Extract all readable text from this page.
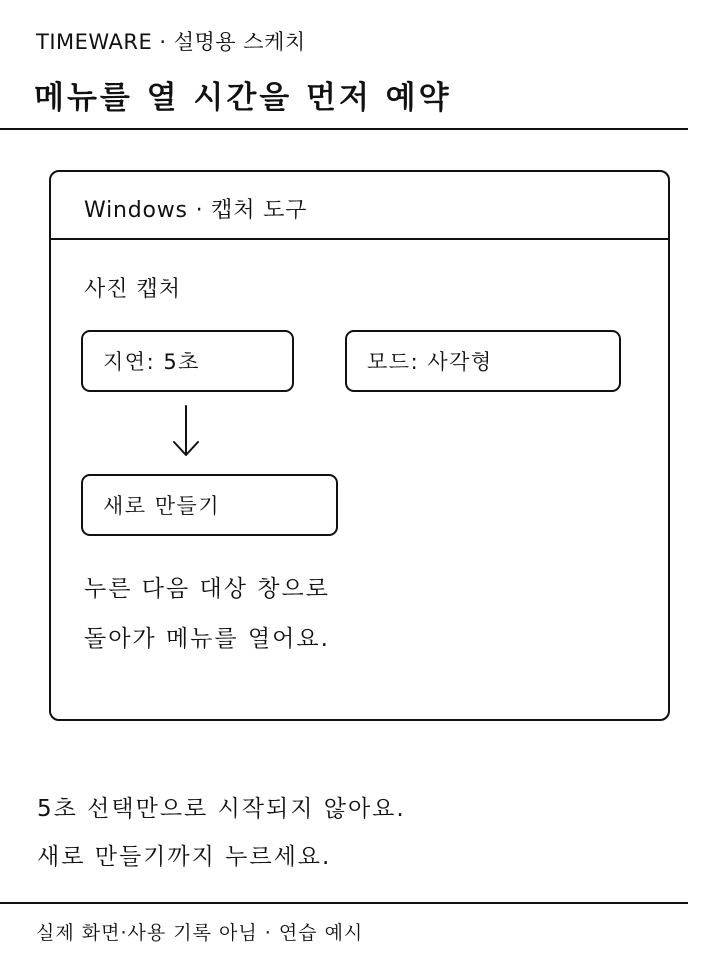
TIMEWARE · 설명용 스케치
메뉴를 열 시간을 먼저 예약
Windows · 캡처 도구
사진 캡처
지연: 5초	모드: 사각형
새로 만들기
누른 다음 대상 창으로
돌아가 메뉴를 열어요.
5초 선택만으로 시작되지 않아요.
새로 만들기까지 누르세요.
실제 화면·사용 기록 아님 · 연습 예시
